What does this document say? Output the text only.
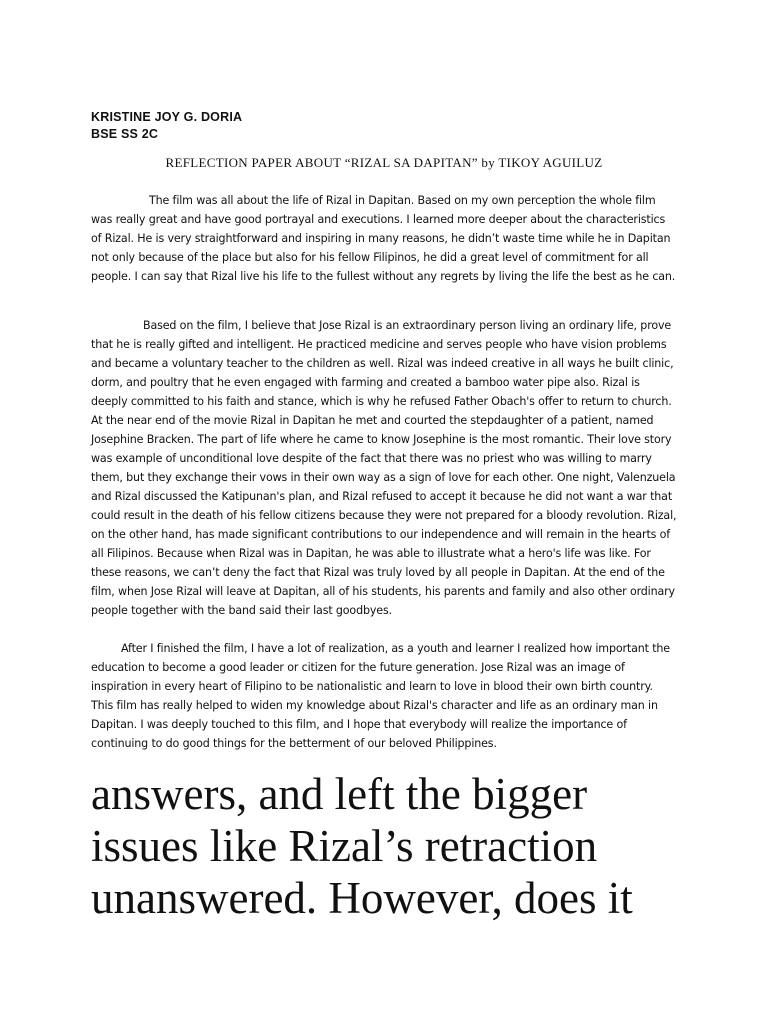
KRISTINE JOY G. DORIA
BSE SS 2C
REFLECTION PAPER ABOUT “RIZAL SA DAPITAN” by TIKOY AGUILUZ

The film was all about the life of Rizal in Dapitan. Based on my own perception the whole film was really great and have good portrayal and executions. I learned more deeper about the characteristics of Rizal. He is very straightforward and inspiring in many reasons, he didn’t waste time while he in Dapitan not only because of the place but also for his fellow Filipinos, he did a great level of commitment for all people. I can say that Rizal live his life to the fullest without any regrets by living the life the best as he can.

Based on the film, I believe that Jose Rizal is an extraordinary person living an ordinary life, prove that he is really gifted and intelligent. He practiced medicine and serves people who have vision problems and became a voluntary teacher to the children as well. Rizal was indeed creative in all ways he built clinic, dorm, and poultry that he even engaged with farming and created a bamboo water pipe also. Rizal is deeply committed to his faith and stance, which is why he refused Father Obach's offer to return to church. At the near end of the movie Rizal in Dapitan he met and courted the stepdaughter of a patient, named Josephine Bracken. The part of life where he came to know Josephine is the most romantic. Their love story was example of unconditional love despite of the fact that there was no priest who was willing to marry them, but they exchange their vows in their own way as a sign of love for each other. One night, Valenzuela and Rizal discussed the Katipunan's plan, and Rizal refused to accept it because he did not want a war that could result in the death of his fellow citizens because they were not prepared for a bloody revolution. Rizal, on the other hand, has made significant contributions to our independence and will remain in the hearts of all Filipinos. Because when Rizal was in Dapitan, he was able to illustrate what a hero's life was like. For these reasons, we can’t deny the fact that Rizal was truly loved by all people in Dapitan. At the end of the film, when Jose Rizal will leave at Dapitan, all of his students, his parents and family and also other ordinary people together with the band said their last goodbyes.

After I finished the film, I have a lot of realization, as a youth and learner I realized how important the education to become a good leader or citizen for the future generation. Jose Rizal was an image of inspiration in every heart of Filipino to be nationalistic and learn to love in blood their own birth country. This film has really helped to widen my knowledge about Rizal's character and life as an ordinary man in Dapitan. I was deeply touched to this film, and I hope that everybody will realize the importance of continuing to do good things for the betterment of our beloved Philippines.

answers, and left the bigger
issues like Rizal’s retraction
unanswered. However, does it
